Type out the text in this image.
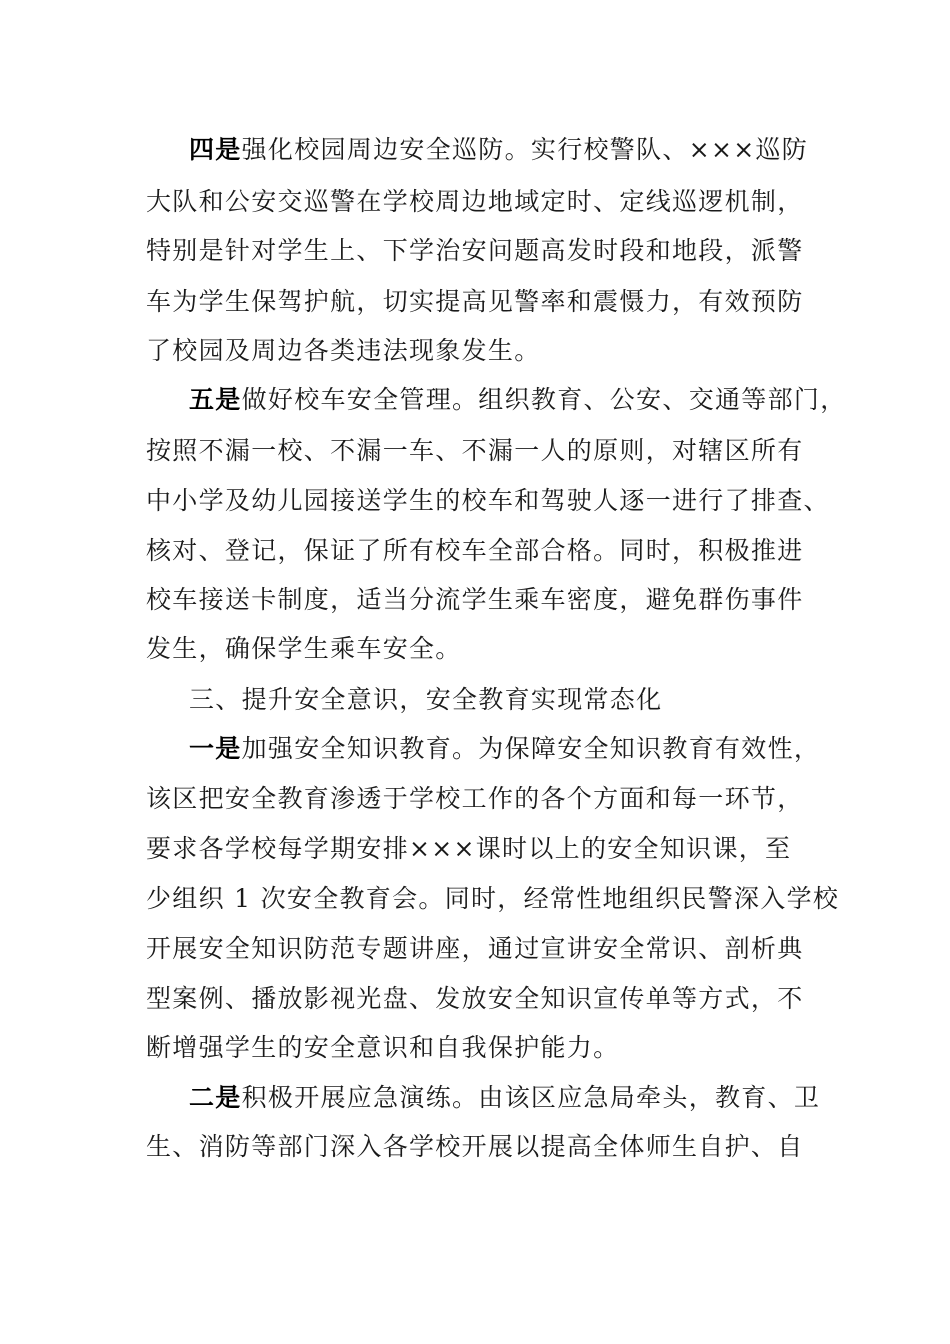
四是强化校园周边安全巡防。实行校警队、×××巡防
大队和公安交巡警在学校周边地域定时、定线巡逻机制，
特别是针对学生上、下学治安问题高发时段和地段，派警
车为学生保驾护航，切实提高见警率和震慑力，有效预防
了校园及周边各类违法现象发生。
五是做好校车安全管理。组织教育、公安、交通等部门，
按照不漏一校、不漏一车、不漏一人的原则，对辖区所有
中小学及幼儿园接送学生的校车和驾驶人逐一进行了排查、
核对、登记，保证了所有校车全部合格。同时，积极推进
校车接送卡制度，适当分流学生乘车密度，避免群伤事件
发生，确保学生乘车安全。
三、提升安全意识，安全教育实现常态化
一是加强安全知识教育。为保障安全知识教育有效性，
该区把安全教育渗透于学校工作的各个方面和每一环节，
要求各学校每学期安排×××课时以上的安全知识课，至
少组织 1 次安全教育会。同时，经常性地组织民警深入学校
开展安全知识防范专题讲座，通过宣讲安全常识、剖析典
型案例、播放影视光盘、发放安全知识宣传单等方式，不
断增强学生的安全意识和自我保护能力。
二是积极开展应急演练。由该区应急局牵头，教育、卫
生、消防等部门深入各学校开展以提高全体师生自护、自
